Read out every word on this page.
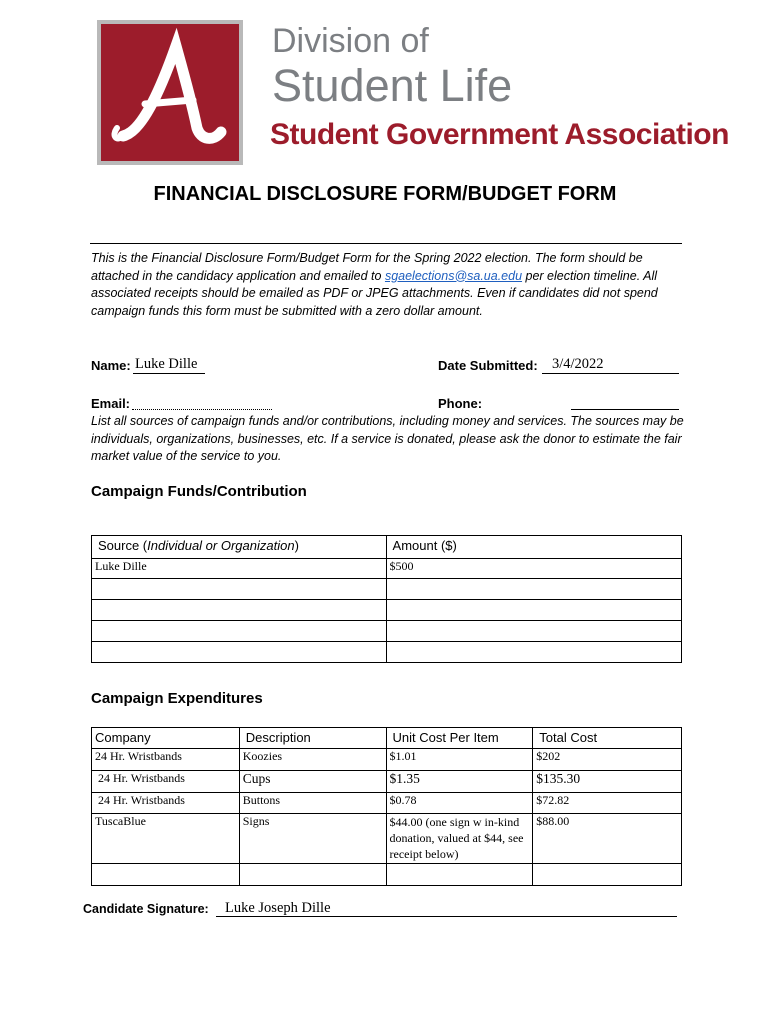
Division of
Student Life
Student Government Association
FINANCIAL DISCLOSURE FORM/BUDGET FORM
This is the Financial Disclosure Form/Budget Form for the Spring 2022 election. The form should be attached in the candidacy application and emailed to sgaelections@sa.ua.edu per election timeline. All associated receipts should be emailed as PDF or JPEG attachments. Even if candidates did not spend campaign funds this form must be submitted with a zero dollar amount.
Name: Luke Dille	Date Submitted: 3/4/2022
Email:	Phone:
List all sources of campaign funds and/or contributions, including money and services. The sources may be individuals, organizations, businesses, etc. If a service is donated, please ask the donor to estimate the fair market value of the service to you.
Campaign Funds/Contribution
Source (Individual or Organization)	Amount ($)
Luke Dille	$500

Campaign Expenditures
Company	Description	Unit Cost Per Item	Total Cost
24 Hr. Wristbands	Koozies	$1.01	$202
24 Hr. Wristbands	Cups	$1.35	$135.30
24 Hr. Wristbands	Buttons	$0.78	$72.82
TuscaBlue	Signs	$44.00 (one sign w in-kind donation, valued at $44, see receipt below)	$88.00

Candidate Signature: Luke Joseph Dille
